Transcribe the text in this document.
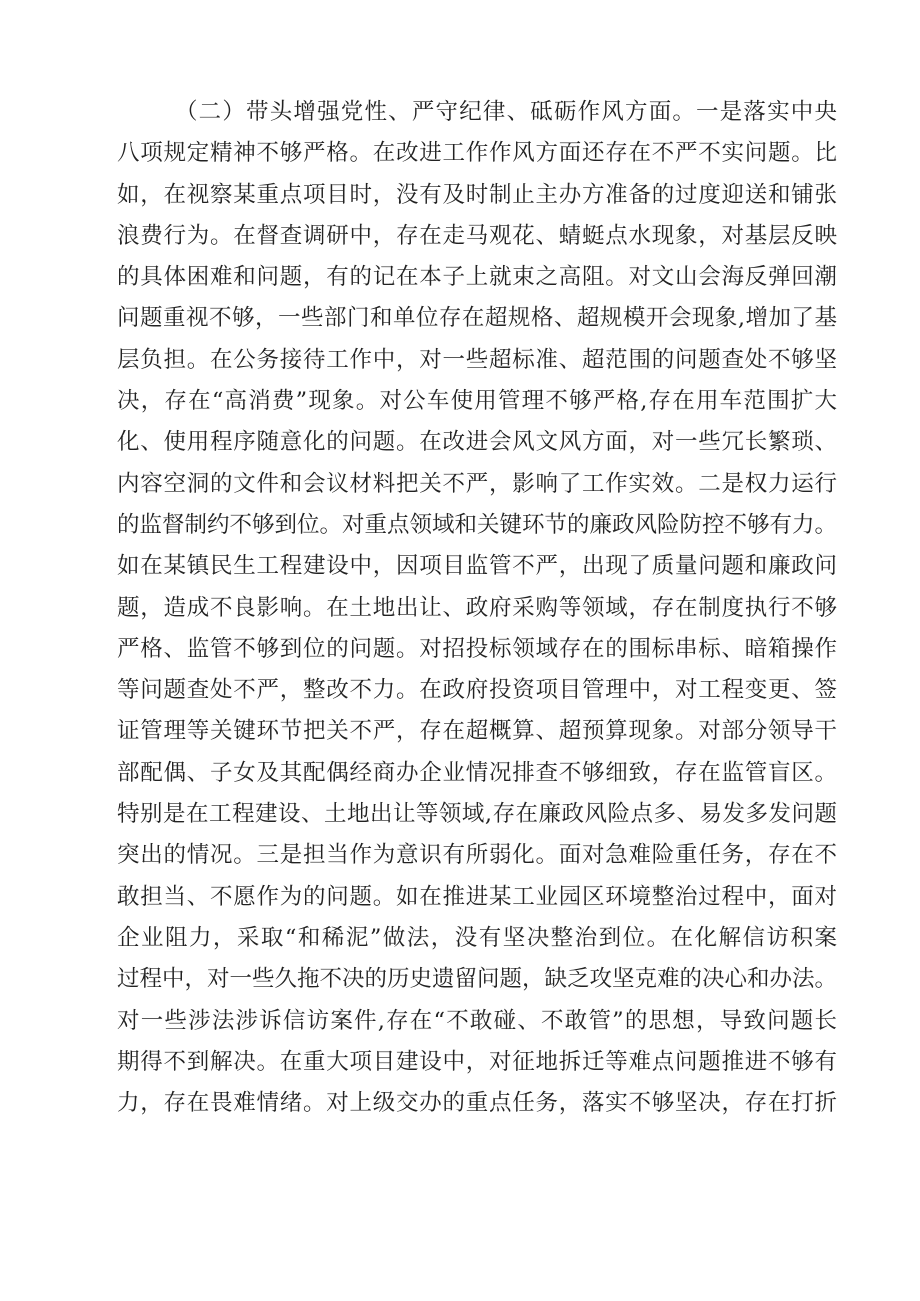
（二）带头增强党性、严守纪律、砥砺作风方面。一是落实中央
八项规定精神不够严格。在改进工作作风方面还存在不严不实问题。比
如，在视察某重点项目时，没有及时制止主办方准备的过度迎送和铺张
浪费行为。在督查调研中，存在走马观花、蜻蜓点水现象，对基层反映
的具体困难和问题，有的记在本子上就束之高阻。对文山会海反弹回潮
问题重视不够，一些部门和单位存在超规格、超规模开会现象,增加了基
层负担。在公务接待工作中，对一些超标准、超范围的问题查处不够坚
决，存在“高消费”现象。对公车使用管理不够严格,存在用车范围扩大
化、使用程序随意化的问题。在改进会风文风方面，对一些冗长繁琐、
内容空洞的文件和会议材料把关不严，影响了工作实效。二是权力运行
的监督制约不够到位。对重点领域和关键环节的廉政风险防控不够有力。
如在某镇民生工程建设中，因项目监管不严，出现了质量问题和廉政问
题，造成不良影响。在土地出让、政府采购等领域，存在制度执行不够
严格、监管不够到位的问题。对招投标领域存在的围标串标、暗箱操作
等问题查处不严，整改不力。在政府投资项目管理中，对工程变更、签
证管理等关键环节把关不严，存在超概算、超预算现象。对部分领导干
部配偶、子女及其配偶经商办企业情况排查不够细致，存在监管盲区。
特别是在工程建设、土地出让等领域,存在廉政风险点多、易发多发问题
突出的情况。三是担当作为意识有所弱化。面对急难险重任务，存在不
敢担当、不愿作为的问题。如在推进某工业园区环境整治过程中，面对
企业阻力，采取“和稀泥”做法，没有坚决整治到位。在化解信访积案
过程中，对一些久拖不决的历史遗留问题，缺乏攻坚克难的决心和办法。
对一些涉法涉诉信访案件,存在“不敢碰、不敢管”的思想，导致问题长
期得不到解决。在重大项目建设中，对征地拆迁等难点问题推进不够有
力，存在畏难情绪。对上级交办的重点任务，落实不够坚决，存在打折
